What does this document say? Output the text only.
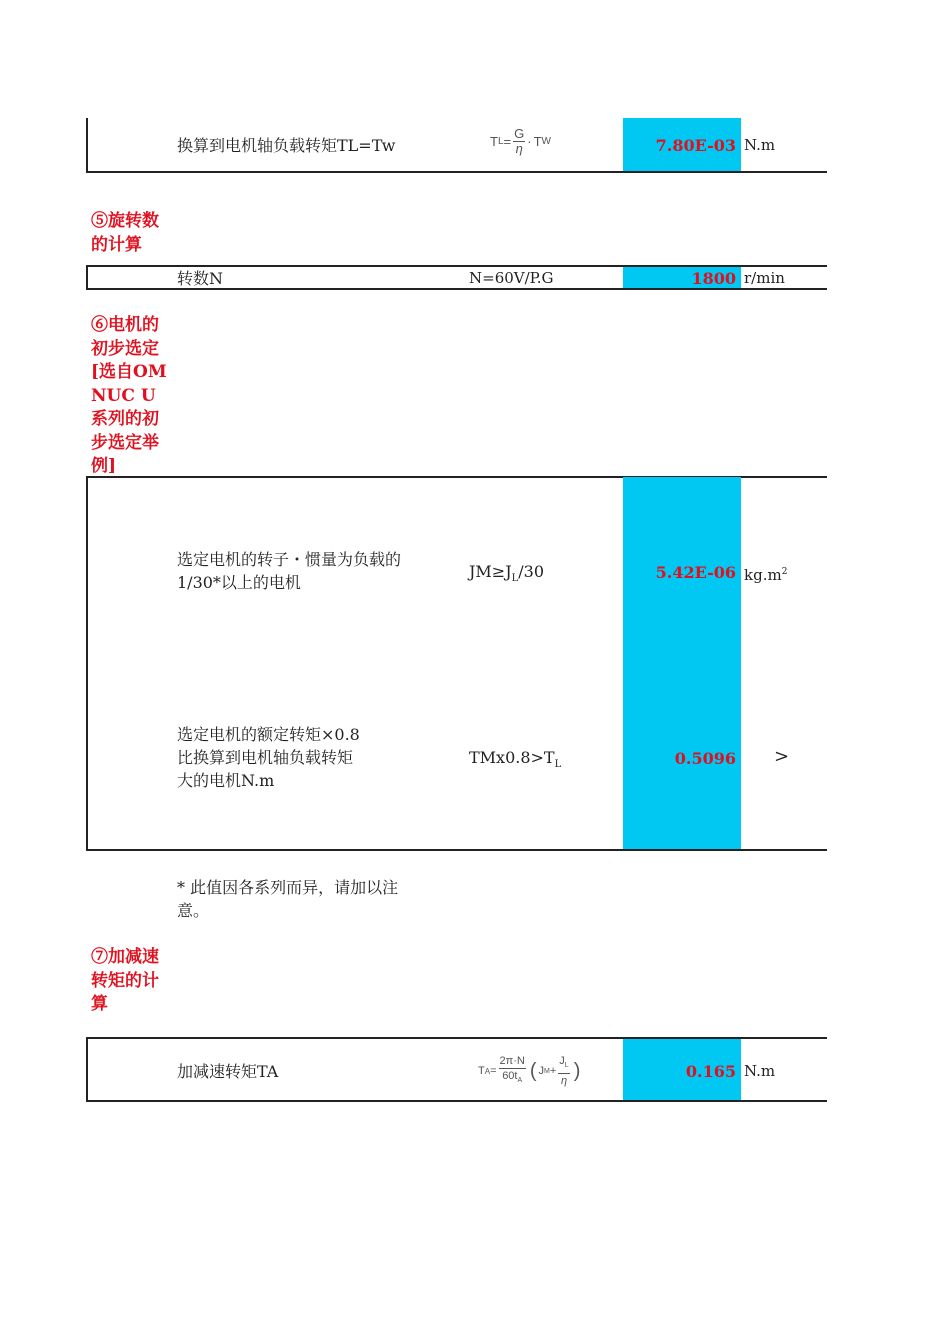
换算到电机轴负载转矩TL=Tw	T $L = \frac{G}{\eta} \cdot T$ W	7.80E-03 N.m
⑤旋转数的计算
转数N	N=60V/P.G	1800 r/min
⑥电机的初步选定[选自OMNUC U系列的初步选定举例]
选定电机的转子・惯量为负载的
1/30*以上的电机
$JM\ge J_L/30$	5.42E-06 $kg.m^2$
选定电机的额定转矩×0.8
比换算到电机轴负载转矩
大的电机N.m
$TMx0.8>T_L$	0.5096 >
* 此值因各系列而异，请加以注
意。
⑦加减速转矩的计算
加减速转矩TA	T $A = \frac{2\pi\cdot N}{60t_A}$ ( J $M + \frac{J_L}{\eta}$ )	0.165 N.m
